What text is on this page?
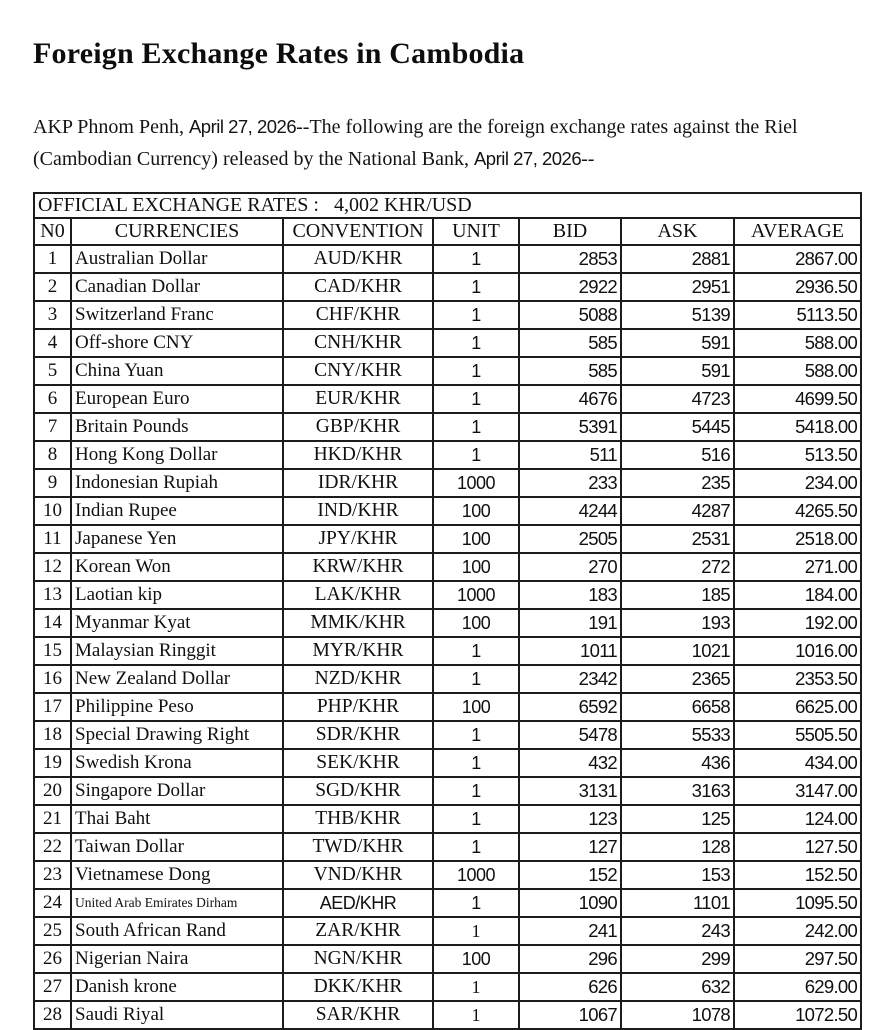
Foreign Exchange Rates in Cambodia

AKP Phnom Penh, April 27, 2026--The following are the foreign exchange rates against the Riel
(Cambodian Currency) released by the National Bank, April 27, 2026--

OFFICIAL EXCHANGE RATES : 4,002 KHR/USD						
N0	CURRENCIES	CONVENTION	UNIT	BID	ASK	AVERAGE
1	Australian Dollar	AUD/KHR	1	2853	2881	2867.00
2	Canadian Dollar	CAD/KHR	1	2922	2951	2936.50
3	Switzerland Franc	CHF/KHR	1	5088	5139	5113.50
4	Off-shore CNY	CNH/KHR	1	585	591	588.00
5	China Yuan	CNY/KHR	1	585	591	588.00
6	European Euro	EUR/KHR	1	4676	4723	4699.50
7	Britain Pounds	GBP/KHR	1	5391	5445	5418.00
8	Hong Kong Dollar	HKD/KHR	1	511	516	513.50
9	Indonesian Rupiah	IDR/KHR	1000	233	235	234.00
10	Indian Rupee	IND/KHR	100	4244	4287	4265.50
11	Japanese Yen	JPY/KHR	100	2505	2531	2518.00
12	Korean Won	KRW/KHR	100	270	272	271.00
13	Laotian kip	LAK/KHR	1000	183	185	184.00
14	Myanmar Kyat	MMK/KHR	100	191	193	192.00
15	Malaysian Ringgit	MYR/KHR	1	1011	1021	1016.00
16	New Zealand Dollar	NZD/KHR	1	2342	2365	2353.50
17	Philippine Peso	PHP/KHR	100	6592	6658	6625.00
18	Special Drawing Right	SDR/KHR	1	5478	5533	5505.50
19	Swedish Krona	SEK/KHR	1	432	436	434.00
20	Singapore Dollar	SGD/KHR	1	3131	3163	3147.00
21	Thai Baht	THB/KHR	1	123	125	124.00
22	Taiwan Dollar	TWD/KHR	1	127	128	127.50
23	Vietnamese Dong	VND/KHR	1000	152	153	152.50
24	United Arab Emirates Dirham	AED/KHR	1	1090	1101	1095.50
25	South African Rand	ZAR/KHR	1	241	243	242.00
26	Nigerian Naira	NGN/KHR	100	296	299	297.50
27	Danish krone	DKK/KHR	1	626	632	629.00
28	Saudi Riyal	SAR/KHR	1	1067	1078	1072.50
